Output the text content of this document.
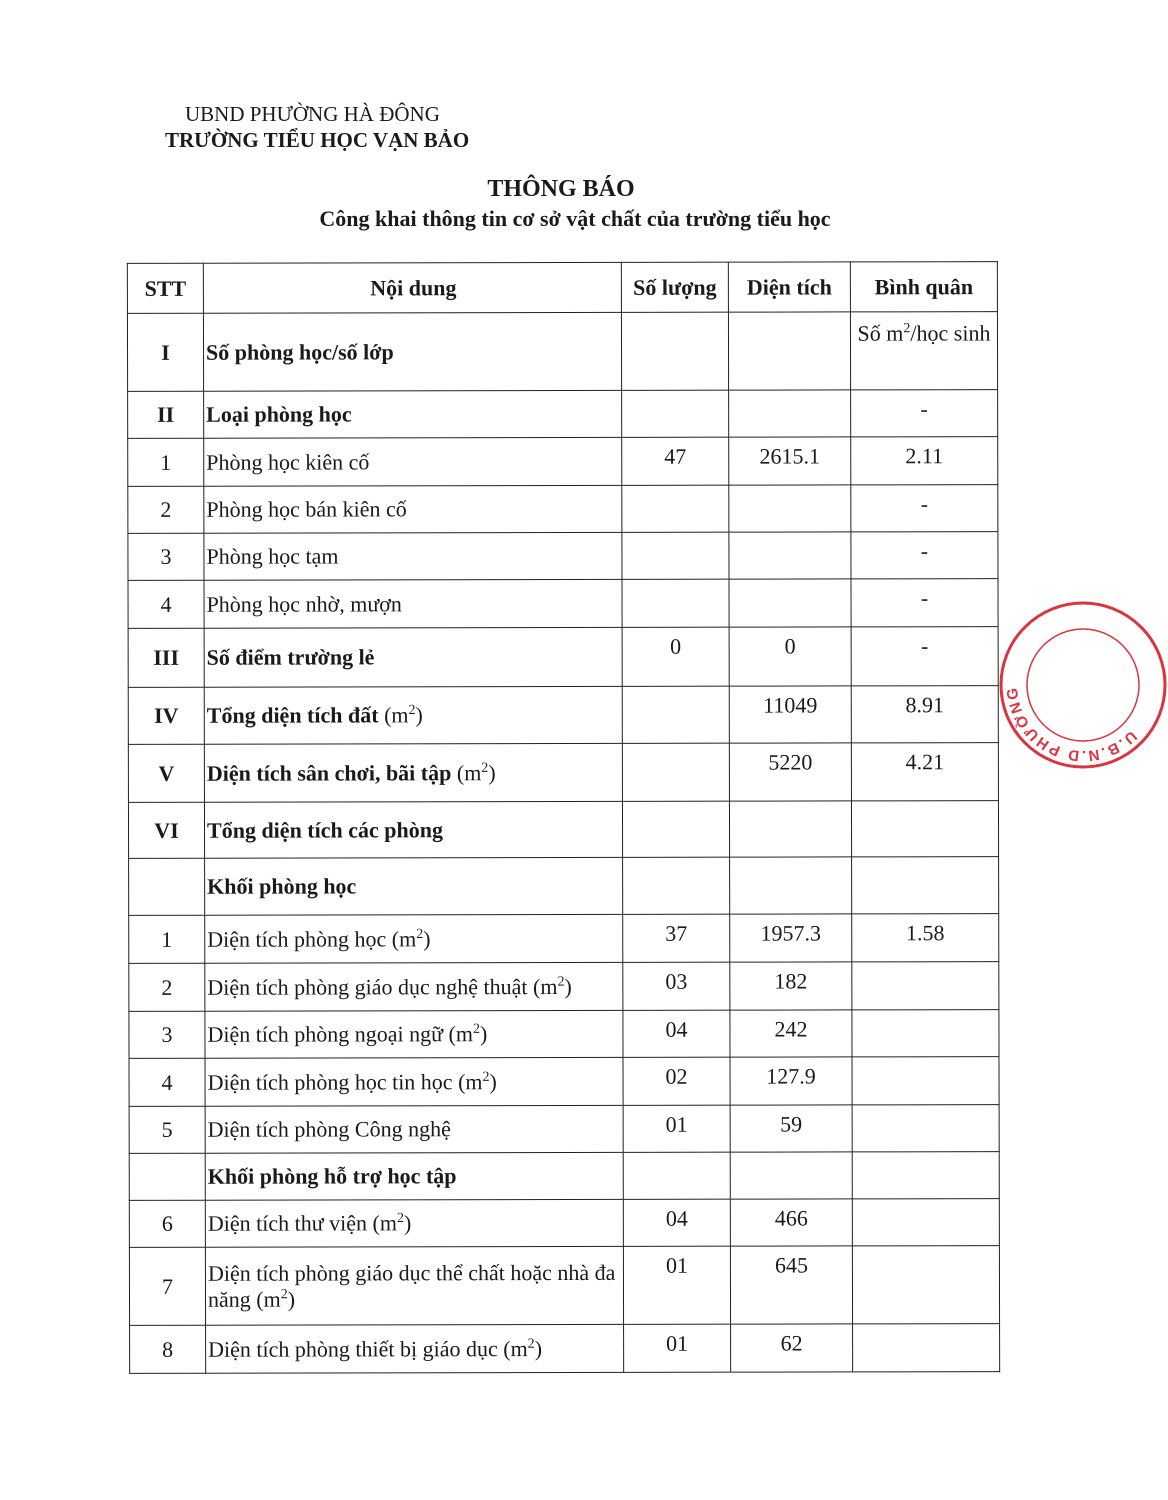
UBND PHƯỜNG HÀ ĐÔNG
TRƯỜNG TIỂU HỌC VẠN BẢO
THÔNG BÁO
Công khai thông tin cơ sở vật chất của trường tiểu học
STT	Nội dung	Số lượng	Diện tích	Bình quân
I	Số phòng học/số lớp			Số $m^2$/học sinh
II	Loại phòng học			-
1	Phòng học kiên cố	47	2615.1	2.11
2	Phòng học bán kiên cố			-
3	Phòng học tạm			-
4	Phòng học nhờ, mượn			-
III	Số điểm trường lẻ	0	0	-
IV	Tổng diện tích đất $(m^2)$		11049	8.91
V	Diện tích sân chơi, bãi tập $(m^2)$		5220	4.21
VI	Tổng diện tích các phòng			
	Khối phòng học			
1	Diện tích phòng học $(m^2)$	37	1957.3	1.58
2	Diện tích phòng giáo dục nghệ thuật $(m^2)$	03	182	
3	Diện tích phòng ngoại ngữ $(m^2)$	04	242	
4	Diện tích phòng học tin học $(m^2)$	02	127.9	
5	Diện tích phòng Công nghệ	01	59	
	Khối phòng hỗ trợ học tập			
6	Diện tích thư viện $(m^2)$	04	466	
7	Diện tích phòng giáo dục thể chất hoặc nhà đa năng $(m^2)$	01	645	
8	Diện tích phòng thiết bị giáo dục $(m^2)$	01	62	
U.B.N.D PHƯỜNG
